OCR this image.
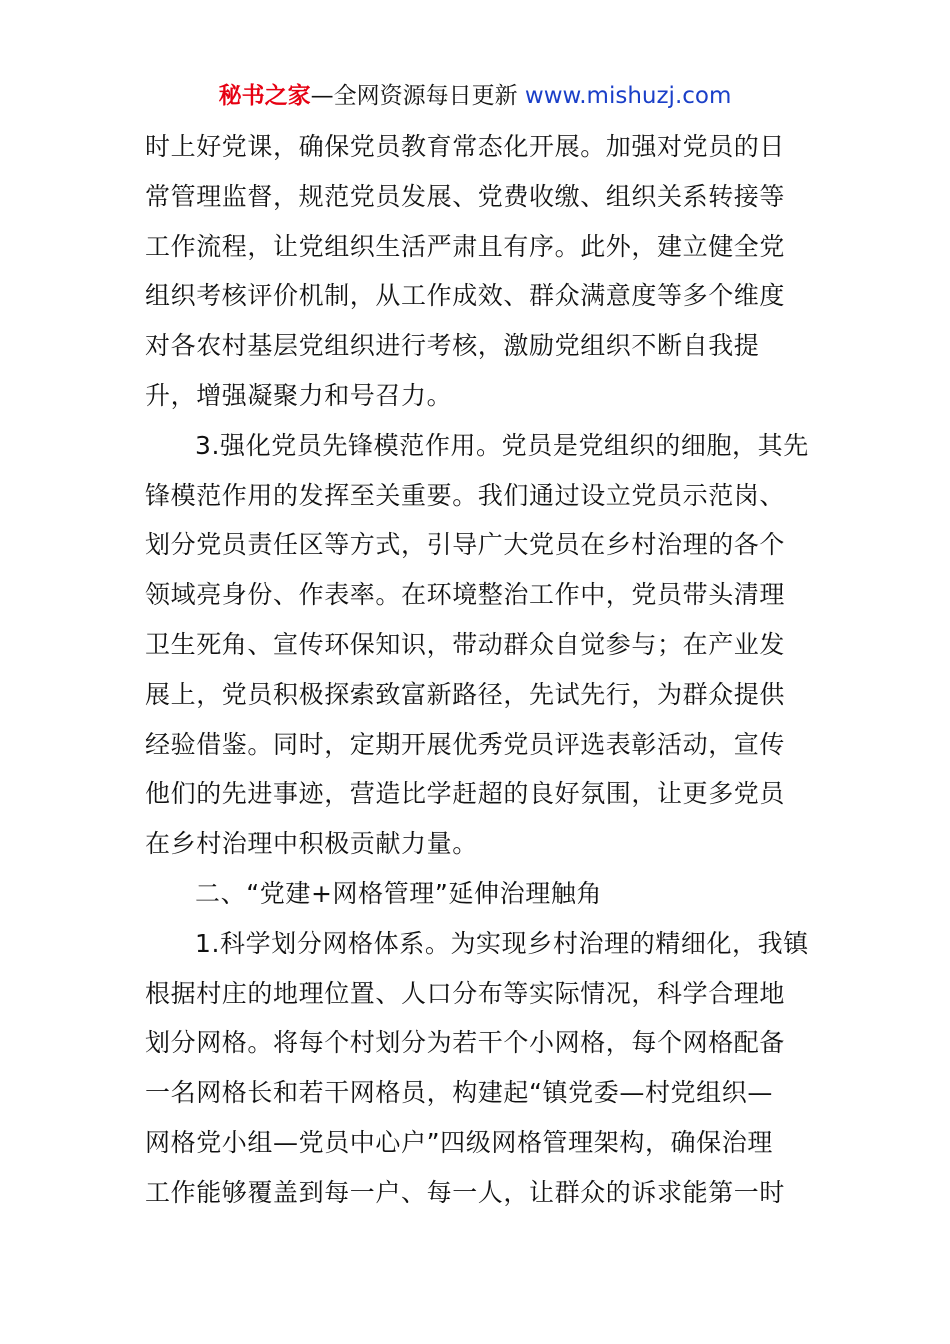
秘书之家—全网资源每日更新 www.mishuzj.com
时上好党课，确保党员教育常态化开展。加强对党员的日
常管理监督，规范党员发展、党费收缴、组织关系转接等
工作流程，让党组织生活严肃且有序。此外，建立健全党
组织考核评价机制，从工作成效、群众满意度等多个维度
对各农村基层党组织进行考核，激励党组织不断自我提
升，增强凝聚力和号召力。
3.强化党员先锋模范作用。党员是党组织的细胞，其先
锋模范作用的发挥至关重要。我们通过设立党员示范岗、
划分党员责任区等方式，引导广大党员在乡村治理的各个
领域亮身份、作表率。在环境整治工作中，党员带头清理
卫生死角、宣传环保知识，带动群众自觉参与；在产业发
展上，党员积极探索致富新路径，先试先行，为群众提供
经验借鉴。同时，定期开展优秀党员评选表彰活动，宣传
他们的先进事迹，营造比学赶超的良好氛围，让更多党员
在乡村治理中积极贡献力量。
二、“党建+网格管理”延伸治理触角
1.科学划分网格体系。为实现乡村治理的精细化，我镇
根据村庄的地理位置、人口分布等实际情况，科学合理地
划分网格。将每个村划分为若干个小网格，每个网格配备
一名网格长和若干网格员，构建起“镇党委—村党组织—
网格党小组—党员中心户”四级网格管理架构，确保治理
工作能够覆盖到每一户、每一人，让群众的诉求能第一时
